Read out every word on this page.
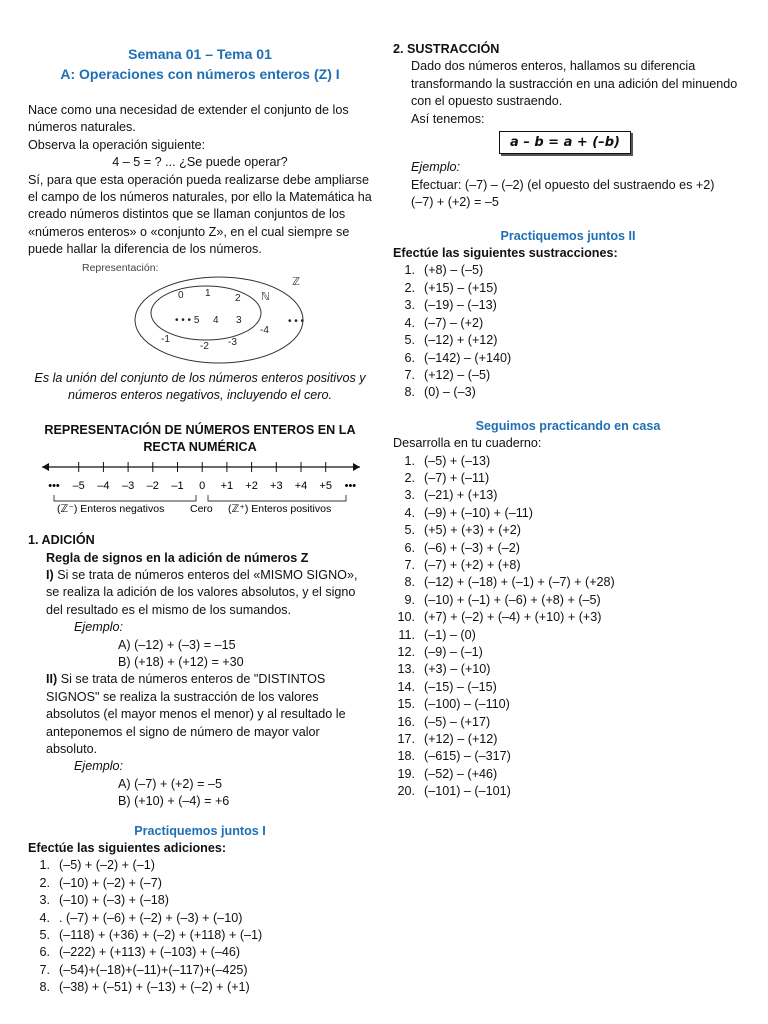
Semana 01 – Tema 01

A: Operaciones con números enteros (Z) I

Nace como una necesidad de extender el conjunto de los números naturales.

Observa la operación siguiente:

4 – 5 = ? ... ¿Se puede operar?

Sí, para que esta operación pueda realizarse debe ampliarse el campo de los números naturales, por ello la Matemática ha creado números distintos que se llaman conjuntos de los «números enteros» o «conjunto Z», en el cual siempre se puede hallar la diferencia de los números.

Representación:
ℤ
ℕ
0 1 2
• • • 5 4 3
-4
-1
-2 -3
• • •

Es la unión del conjunto de los números enteros positivos y números enteros negativos, incluyendo el cero.

REPRESENTACIÓN DE NÚMEROS ENTEROS EN LA RECTA NUMÉRICA

••• –5 –4 –3 –2 –1 0 +1 +2 +3 +4 +5 •••
(ℤ⁻) Enteros negativos Cero (ℤ⁺) Enteros positivos

1. ADICIÓN

Regla de signos en la adición de números Z

I) Si se trata de números enteros del «MISMO SIGNO», se realiza la adición de los valores absolutos, y el signo del resultado es el mismo de los sumandos.

Ejemplo:

A) (–12) + (–3) = –15

B) (+18) + (+12) = +30

II) Si se trata de números enteros de "DISTINTOS SIGNOS" se realiza la sustracción de los valores absolutos (el mayor menos el menor) y al resultado le anteponemos el signo de número de mayor valor absoluto.

Ejemplo:

A) (–7) + (+2) = –5

B) (+10) + (–4) = +6

Practiquemos juntos I

Efectúe las siguientes adiciones:

1. (–5) + (–2) + (–1)
2. (–10) + (–2) + (–7)
3. (–10) + (–3) + (–18)
4. . (–7) + (–6) + (–2) + (–3) + (–10)
5. (–118) + (+36) + (–2) + (+118) + (–1)
6. (–222) + (+113) + (–103) + (–46)
7. (–54)+(–18)+(–11)+(–117)+(–425)
8. (–38) + (–51) + (–13) + (–2) + (+1)

2. SUSTRACCIÓN

Dado dos números enteros, hallamos su diferencia transformando la sustracción en una adición del minuendo con el opuesto sustraendo.

Así tenemos:

a – b = a + (–b)

Ejemplo:

Efectuar: (–7) – (–2) (el opuesto del sustraendo es +2)

(–7) + (+2) = –5

Practiquemos juntos II

Efectúe las siguientes sustracciones:

1. (+8) – (–5)
2. (+15) – (+15)
3. (–19) – (–13)
4. (–7) – (+2)
5. (–12) + (+12)
6. (–142) – (+140)
7. (+12) – (–5)
8. (0) – (–3)

Seguimos practicando en casa

Desarrolla en tu cuaderno:

1. (–5) + (–13)
2. (–7) + (–11)
3. (–21) + (+13)
4. (–9) + (–10) + (–11)
5. (+5) + (+3) + (+2)
6. (–6) + (–3) + (–2)
7. (–7) + (+2) + (+8)
8. (–12) + (–18) + (–1) + (–7) + (+28)
9. (–10) + (–1) + (–6) + (+8) + (–5)
10. (+7) + (–2) + (–4) + (+10) + (+3)
11. (–1) – (0)
12. (–9) – (–1)
13. (+3) – (+10)
14. (–15) – (–15)
15. (–100) – (–110)
16. (–5) – (+17)
17. (+12) – (+12)
18. (–615) – (–317)
19. (–52) – (+46)
20. (–101) – (–101)
